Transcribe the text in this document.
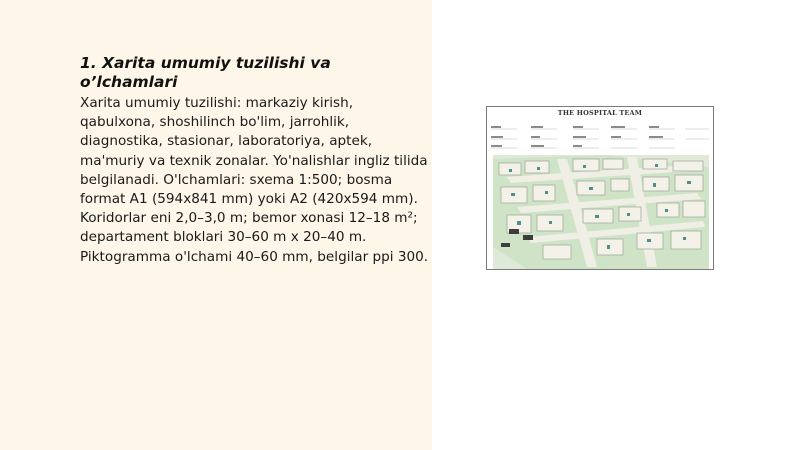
1. Xarita umumiy tuzilishi va o’lchamlari

Xarita umumiy tuzilishi: markaziy kirish, qabulxona, shoshilinch bo'lim, jarrohlik, diagnostika, stasionar, laboratoriya, aptek, ma'muriy va texnik zonalar. Yo'nalishlar ingliz tilida belgilanadi. O'lchamlari: sxema 1:500; bosma format A1 (594x841 mm) yoki A2 (420x594 mm). Koridorlar eni 2,0–3,0 m; bemor xonasi 12–18 m²; departament bloklari 30–60 m x 20–40 m. Piktogramma o'lchami 40–60 mm, belgilar ppi 300.

THE HOSPITAL TEAM
